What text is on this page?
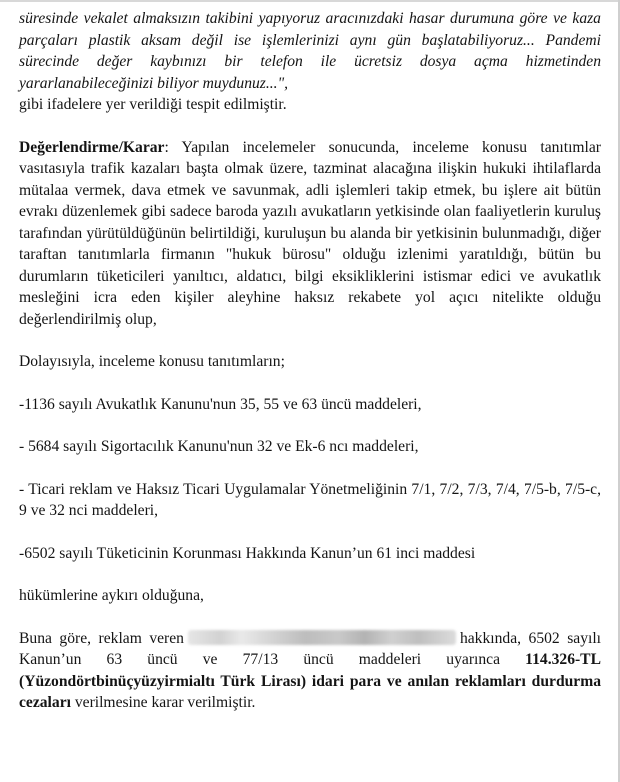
süresinde vekalet almaksızın takibini yapıyoruz aracınızdaki hasar durumuna göre ve kaza parçaları plastik aksam değil ise işlemlerinizi aynı gün başlatabiliyoruz... Pandemi sürecinde değer kaybınızı bir telefon ile ücretsiz dosya açma hizmetinden yararlanabileceğinizi biliyor muydunuz...",

gibi ifadelere yer verildiği tespit edilmiştir.

Değerlendirme/Karar: Yapılan incelemeler sonucunda, inceleme konusu tanıtımlar vasıtasıyla trafik kazaları başta olmak üzere, tazminat alacağına ilişkin hukuki ihtilaflarda mütalaa vermek, dava etmek ve savunmak, adli işlemleri takip etmek, bu işlere ait bütün evrakı düzenlemek gibi sadece baroda yazılı avukatların yetkisinde olan faaliyetlerin kuruluş tarafından yürütüldüğünün belirtildiği, kuruluşun bu alanda bir yetkisinin bulunmadığı, diğer taraftan tanıtımlarla firmanın "hukuk bürosu" olduğu izlenimi yaratıldığı, bütün bu durumların tüketicileri yanıltıcı, aldatıcı, bilgi eksikliklerini istismar edici ve avukatlık mesleğini icra eden kişiler aleyhine haksız rekabete yol açıcı nitelikte olduğu değerlendirilmiş olup,

Dolayısıyla, inceleme konusu tanıtımların;

-1136 sayılı Avukatlık Kanunu'nun 35, 55 ve 63 üncü maddeleri,

- 5684 sayılı Sigortacılık Kanunu'nun 32 ve Ek-6 ncı maddeleri,

- Ticari reklam ve Haksız Ticari Uygulamalar Yönetmeliğinin 7/1, 7/2, 7/3, 7/4, 7/5-b, 7/5-c, 9 ve 32 nci maddeleri,

-6502 sayılı Tüketicinin Korunması Hakkında Kanun’un 61 inci maddesi

hükümlerine aykırı olduğuna,

Buna göre, reklam veren	hakkında, 6502 sayılı Kanun’un 63 üncü ve 77/13 üncü maddeleri uyarınca 114.326-TL (Yüzondörtbinüçyüzyirmialtı Türk Lirası) idari para ve anılan reklamları durdurma cezaları verilmesine karar verilmiştir.
